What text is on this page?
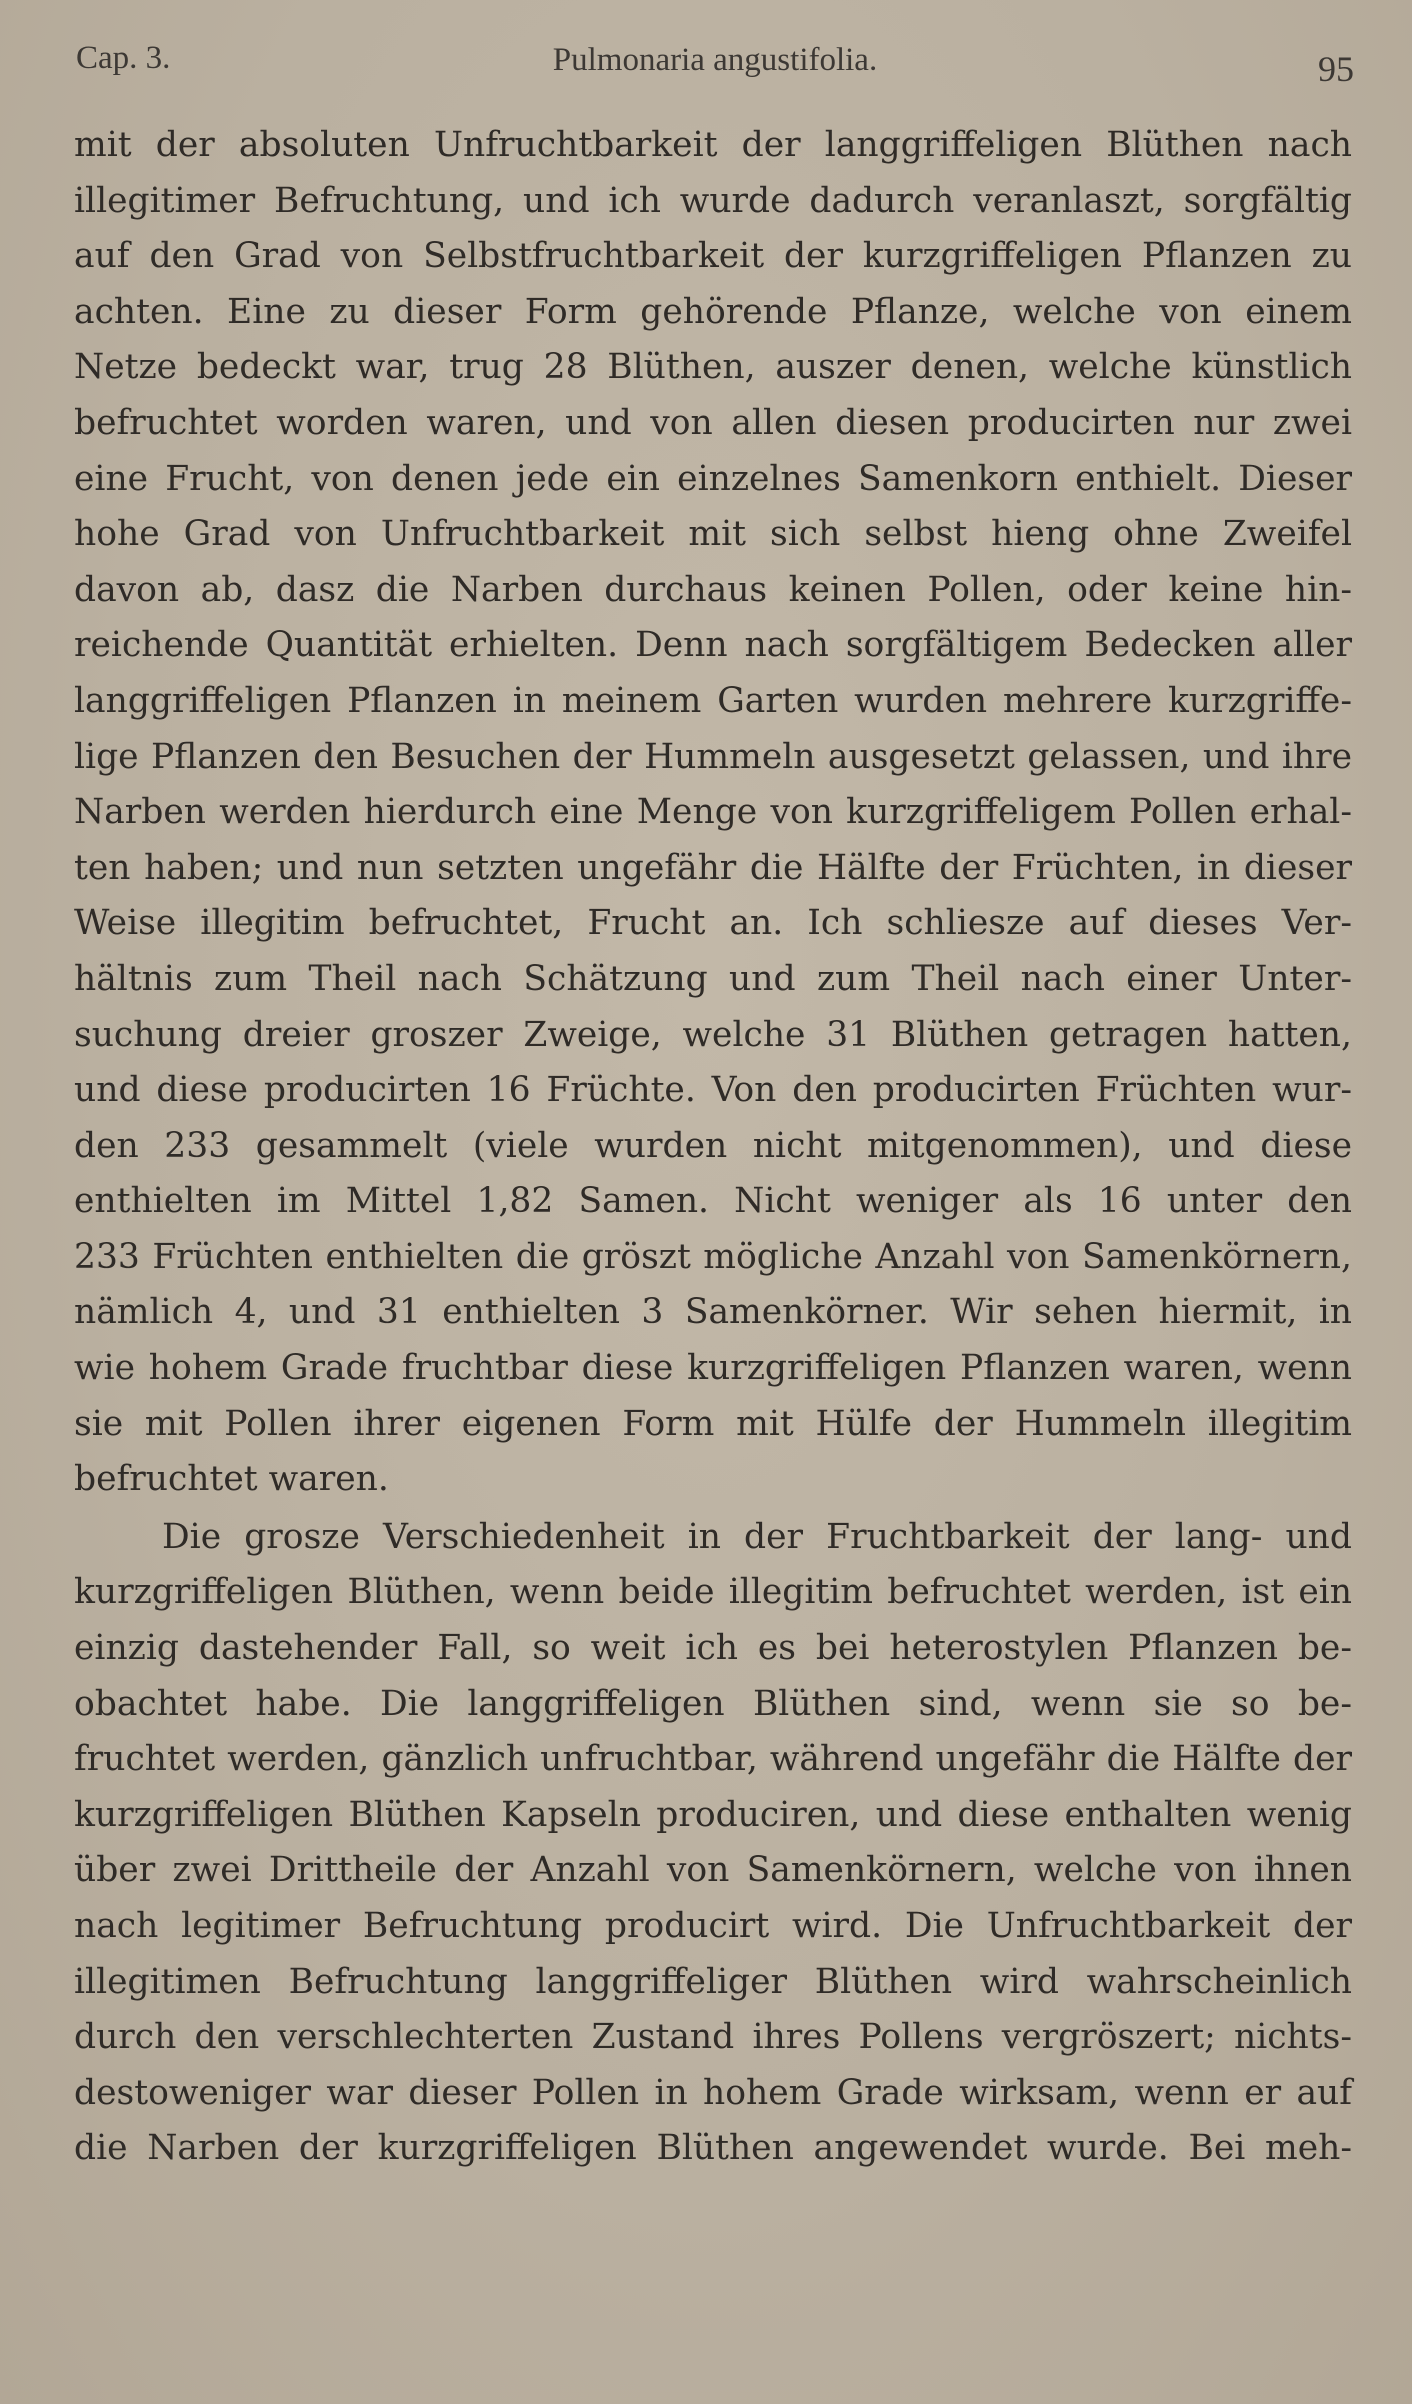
Cap. 3.	Pulmonaria angustifolia.	95
mit der absoluten Unfruchtbarkeit der langgriffeligen Blüthen nach
illegitimer Befruchtung, und ich wurde dadurch veranlaszt, sorgfältig
auf den Grad von Selbstfruchtbarkeit der kurzgriffeligen Pflanzen zu
achten. Eine zu dieser Form gehörende Pflanze, welche von einem
Netze bedeckt war, trug 28 Blüthen, auszer denen, welche künstlich
befruchtet worden waren, und von allen diesen producirten nur zwei
eine Frucht, von denen jede ein einzelnes Samenkorn enthielt. Dieser
hohe Grad von Unfruchtbarkeit mit sich selbst hieng ohne Zweifel
davon ab, dasz die Narben durchaus keinen Pollen, oder keine hin-
reichende Quantität erhielten. Denn nach sorgfältigem Bedecken aller
langgriffeligen Pflanzen in meinem Garten wurden mehrere kurzgriffe-
lige Pflanzen den Besuchen der Hummeln ausgesetzt gelassen, und ihre
Narben werden hierdurch eine Menge von kurzgriffeligem Pollen erhal-
ten haben; und nun setzten ungefähr die Hälfte der Früchten, in dieser
Weise illegitim befruchtet, Frucht an. Ich schliesze auf dieses Ver-
hältnis zum Theil nach Schätzung und zum Theil nach einer Unter-
suchung dreier groszer Zweige, welche 31 Blüthen getragen hatten,
und diese producirten 16 Früchte. Von den producirten Früchten wur-
den 233 gesammelt (viele wurden nicht mitgenommen), und diese
enthielten im Mittel 1,82 Samen. Nicht weniger als 16 unter den
233 Früchten enthielten die gröszt mögliche Anzahl von Samenkörnern,
nämlich 4, und 31 enthielten 3 Samenkörner. Wir sehen hiermit, in
wie hohem Grade fruchtbar diese kurzgriffeligen Pflanzen waren, wenn
sie mit Pollen ihrer eigenen Form mit Hülfe der Hummeln illegitim
befruchtet waren.
Die grosze Verschiedenheit in der Fruchtbarkeit der lang- und
kurzgriffeligen Blüthen, wenn beide illegitim befruchtet werden, ist ein
einzig dastehender Fall, so weit ich es bei heterostylen Pflanzen be-
obachtet habe. Die langgriffeligen Blüthen sind, wenn sie so be-
fruchtet werden, gänzlich unfruchtbar, während ungefähr die Hälfte der
kurzgriffeligen Blüthen Kapseln produciren, und diese enthalten wenig
über zwei Drittheile der Anzahl von Samenkörnern, welche von ihnen
nach legitimer Befruchtung producirt wird. Die Unfruchtbarkeit der
illegitimen Befruchtung langgriffeliger Blüthen wird wahrscheinlich
durch den verschlechterten Zustand ihres Pollens vergröszert; nichts-
destoweniger war dieser Pollen in hohem Grade wirksam, wenn er auf
die Narben der kurzgriffeligen Blüthen angewendet wurde. Bei meh-
